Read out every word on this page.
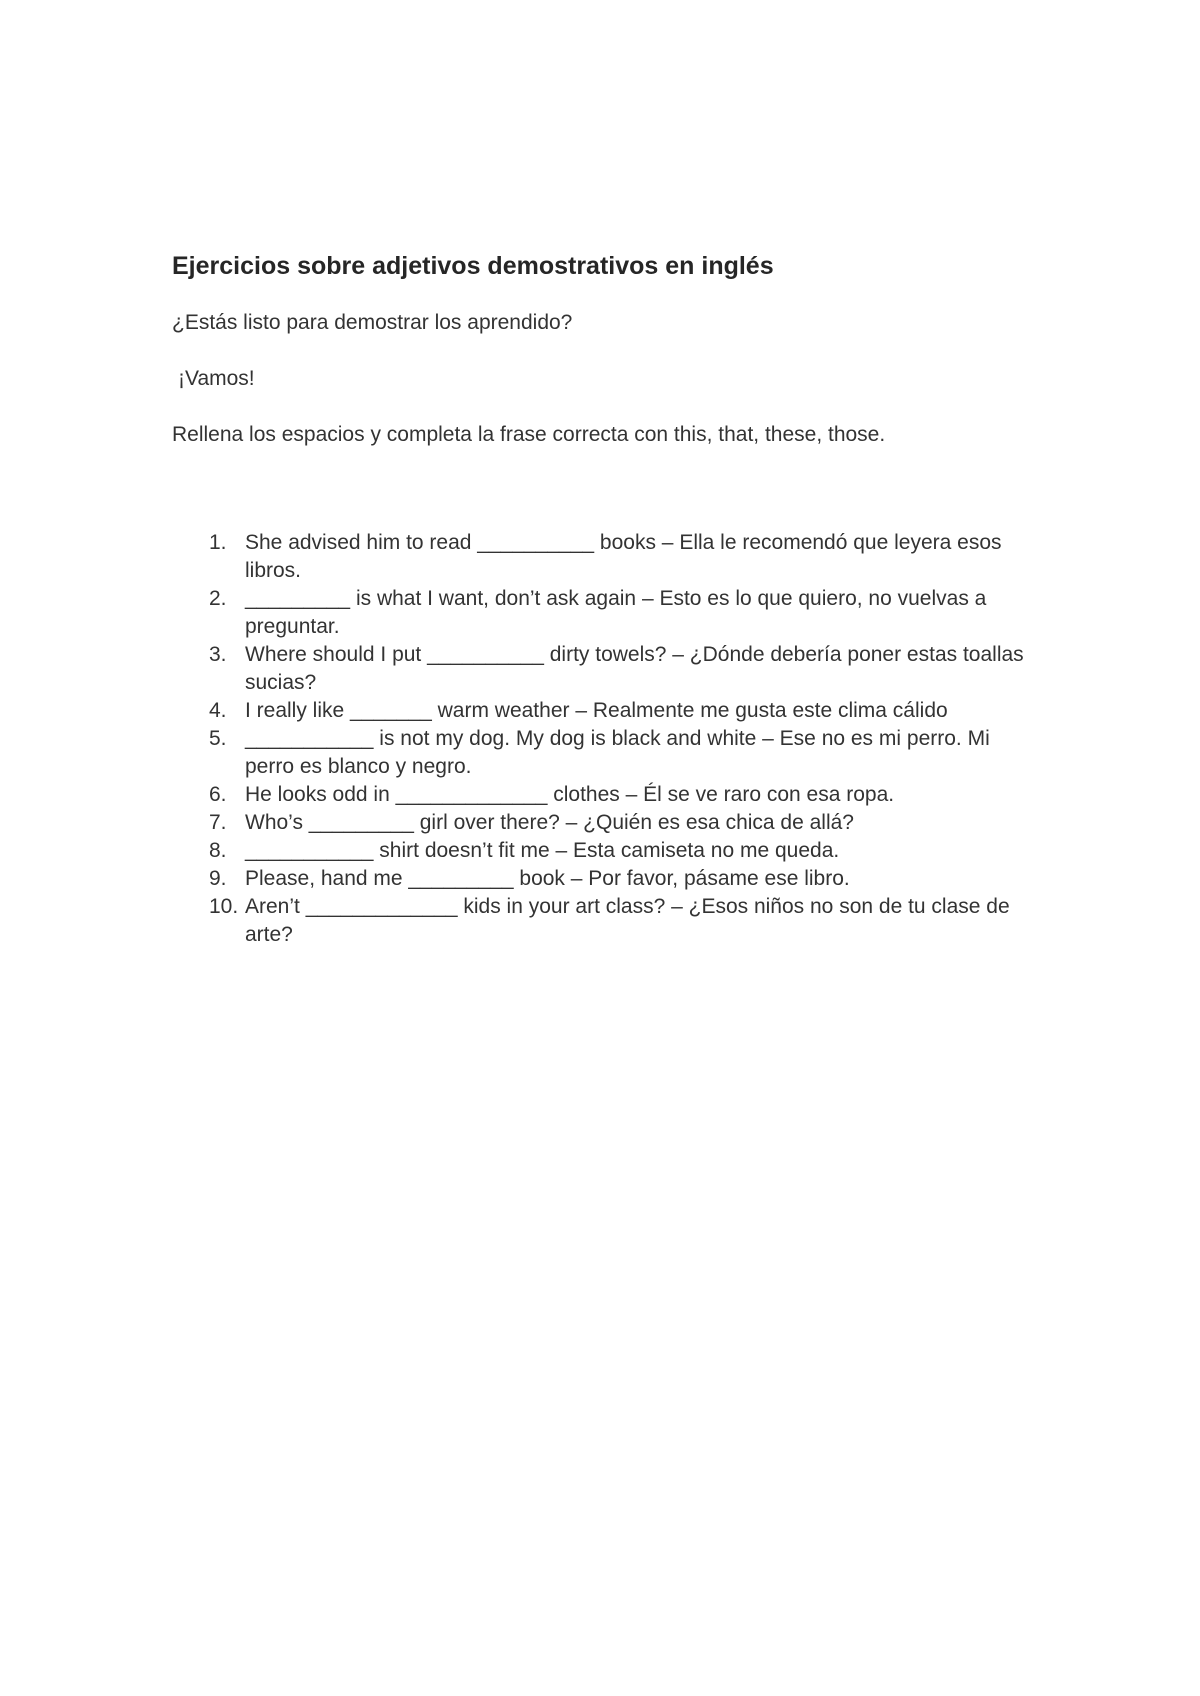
Ejercicios sobre adjetivos demostrativos en inglés

¿Estás listo para demostrar los aprendido?

¡Vamos!

Rellena los espacios y completa la frase correcta con this, that, these, those.

1. She advised him to read __________ books – Ella le recomendó que leyera esos libros.
2. _________ is what I want, don’t ask again – Esto es lo que quiero, no vuelvas a preguntar.
3. Where should I put __________ dirty towels? – ¿Dónde debería poner estas toallas sucias?
4. I really like _______ warm weather – Realmente me gusta este clima cálido
5. ___________ is not my dog. My dog is black and white – Ese no es mi perro. Mi perro es blanco y negro.
6. He looks odd in _____________ clothes – Él se ve raro con esa ropa.
7. Who’s _________ girl over there? – ¿Quién es esa chica de allá?
8. ___________ shirt doesn’t fit me – Esta camiseta no me queda.
9. Please, hand me _________ book – Por favor, pásame ese libro.
10. Aren’t _____________ kids in your art class? – ¿Esos niños no son de tu clase de arte?
